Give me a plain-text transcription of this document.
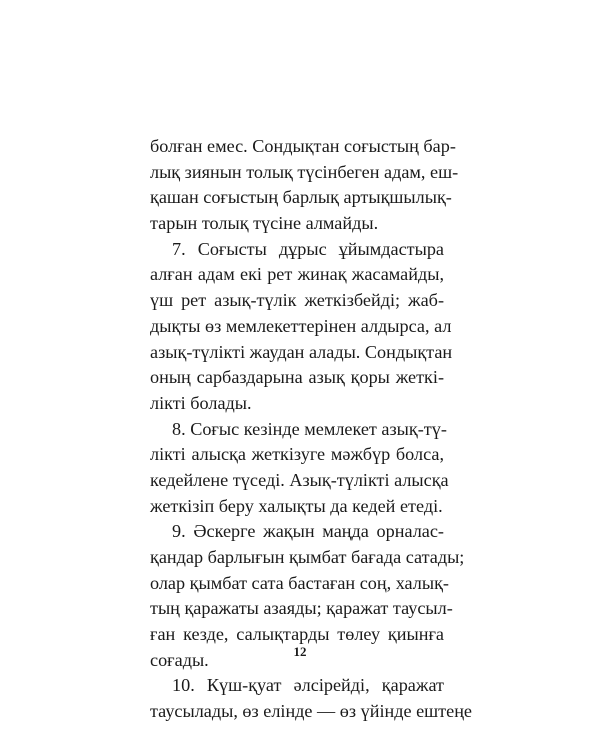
болған емес. Сондықтан соғыстың бар-
лық зиянын толық түсінбеген адам, еш-
қашан соғыстың барлық артықшылық-
тарын толық түсіне алмайды.
7. Соғысты дұрыс ұйымдастыра
алған адам екі рет жинақ жасамайды,
үш рет азық-түлік жеткізбейді; жаб-
дықты өз мемлекеттерінен алдырса, ал
азық-түлікті жаудан алады. Сондықтан
оның сарбаздарына азық қоры жеткі-
лікті болады.
8. Соғыс кезінде мемлекет азық-тү-
лікті алысқа жеткізуге мәжбүр болса,
кедейлене түседі. Азық-түлікті алысқа
жеткізіп беру халықты да кедей етеді.
9. Әскерге жақын маңда орналас-
қандар барлығын қымбат бағада сатады;
олар қымбат сата бастаған соң, халық-
тың қаражаты азаяды; қаражат таусыл-
ған кезде, салықтарды төлеу қиынға
соғады.
10. Күш-қуат әлсірейді, қаражат
таусылады, өз елінде — өз үйінде ештеңе
12
